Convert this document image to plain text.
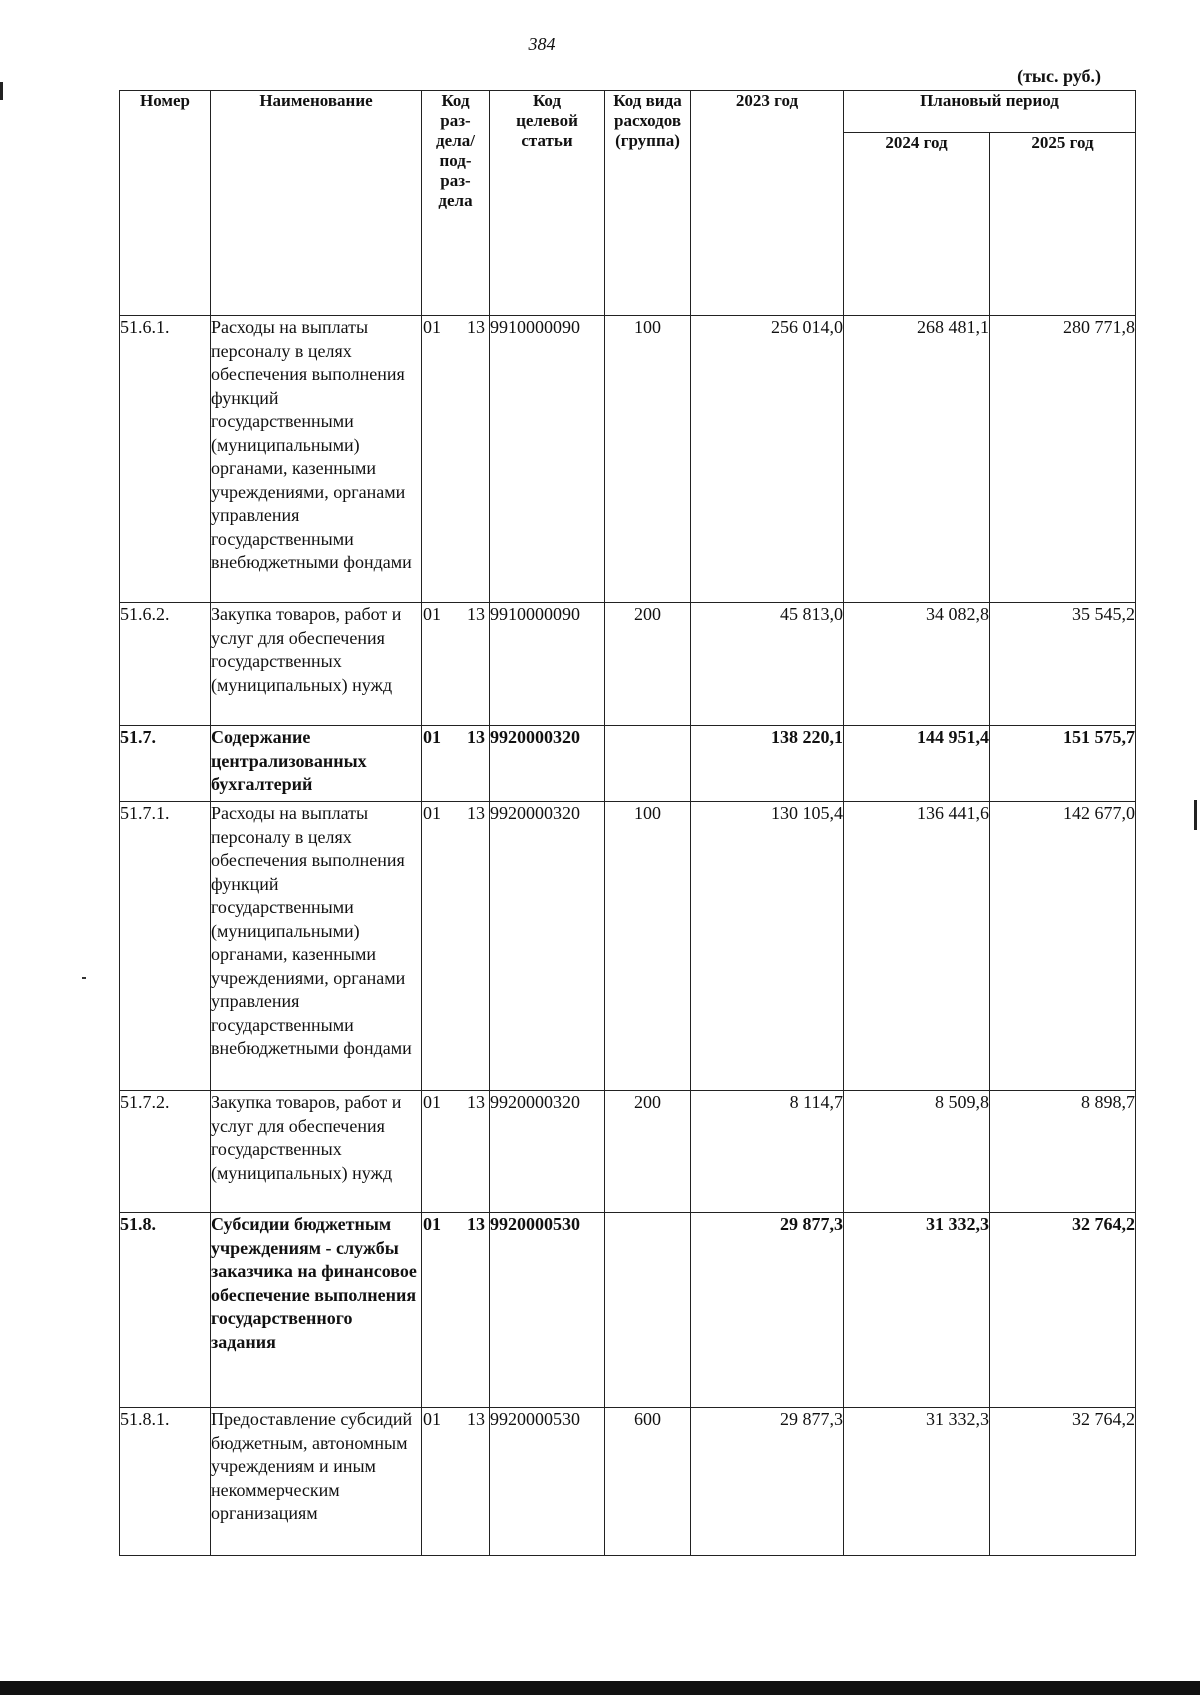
384
(тыс. руб.)
Номер	Наименование	Код раз- дела/ под- раз- дела	Код целевой статьи	Код вида расходов (группа)	2023 год	Плановый период	
						2024 год	2025 год
51.6.1.	Расходы на выплаты персоналу в целях обеспечения выполнения функций государственными (муниципальными) органами, казенными учреждениями, органами управления государственными внебюджетными фондами	01 13	9910000090	100	256 014,0	268 481,1	280 771,8
51.6.2.	Закупка товаров, работ и услуг для обеспечения государственных (муниципальных) нужд	01 13	9910000090	200	45 813,0	34 082,8	35 545,2
51.7.	Содержание централизованных бухгалтерий	01 13	9920000320		138 220,1	144 951,4	151 575,7
51.7.1.	Расходы на выплаты персоналу в целях обеспечения выполнения функций государственными (муниципальными) органами, казенными учреждениями, органами управления государственными внебюджетными фондами	01 13	9920000320	100	130 105,4	136 441,6	142 677,0
51.7.2.	Закупка товаров, работ и услуг для обеспечения государственных (муниципальных) нужд	01 13	9920000320	200	8 114,7	8 509,8	8 898,7
51.8.	Субсидии бюджетным учреждениям - службы заказчика на финансовое обеспечение выполнения государственного задания	01 13	9920000530		29 877,3	31 332,3	32 764,2
51.8.1.	Предоставление субсидий бюджетным, автономным учреждениям и иным некоммерческим организациям	01 13	9920000530	600	29 877,3	31 332,3	32 764,2
